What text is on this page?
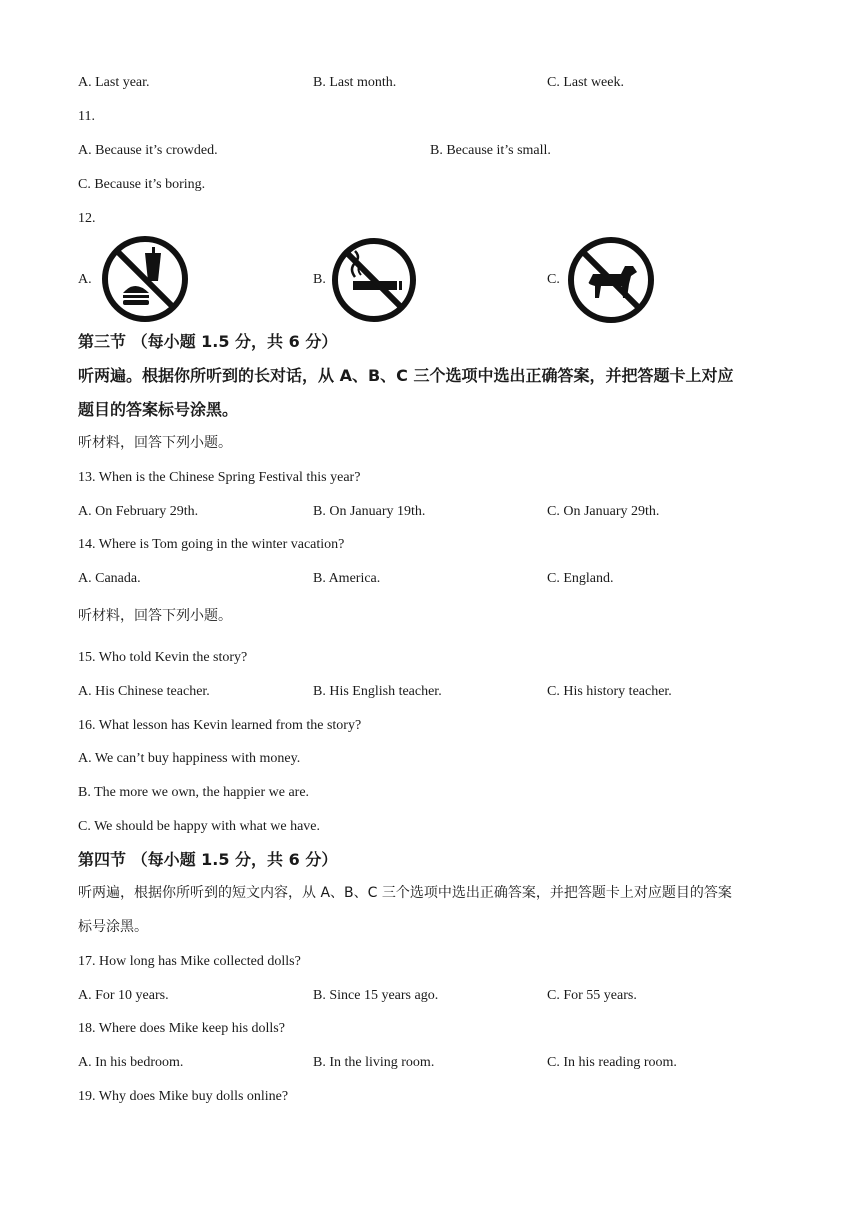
A. Last year.	B. Last month.	C. Last week.
11.
A. Because it’s crowded.	B. Because it’s small.
C. Because it’s boring.
12.
A.	B.	C.
第三节 （每小题 1.5 分，共 6 分）
听两遍。根据你所听到的长对话，从 A、B、C 三个选项中选出正确答案，并把答题卡上对应
题目的答案标号涂黑。
听材料，回答下列小题。
13. When is the Chinese Spring Festival this year?
A. On February 29th.	B. On January 19th.	C. On January 29th.
14. Where is Tom going in the winter vacation?
A. Canada.	B. America.	C. England.
听材料，回答下列小题。
15. Who told Kevin the story?
A. His Chinese teacher.	B. His English teacher.	C. His history teacher.
16. What lesson has Kevin learned from the story?
A. We can’t buy happiness with money.
B. The more we own, the happier we are.
C. We should be happy with what we have.
第四节 （每小题 1.5 分，共 6 分）
听两遍，根据你所听到的短文内容，从 A、B、C 三个选项中选出正确答案，并把答题卡上对应题目的答案
标号涂黑。
17. How long has Mike collected dolls?
A. For 10 years.	B. Since 15 years ago.	C. For 55 years.
18. Where does Mike keep his dolls?
A. In his bedroom.	B. In the living room.	C. In his reading room.
19. Why does Mike buy dolls online?
